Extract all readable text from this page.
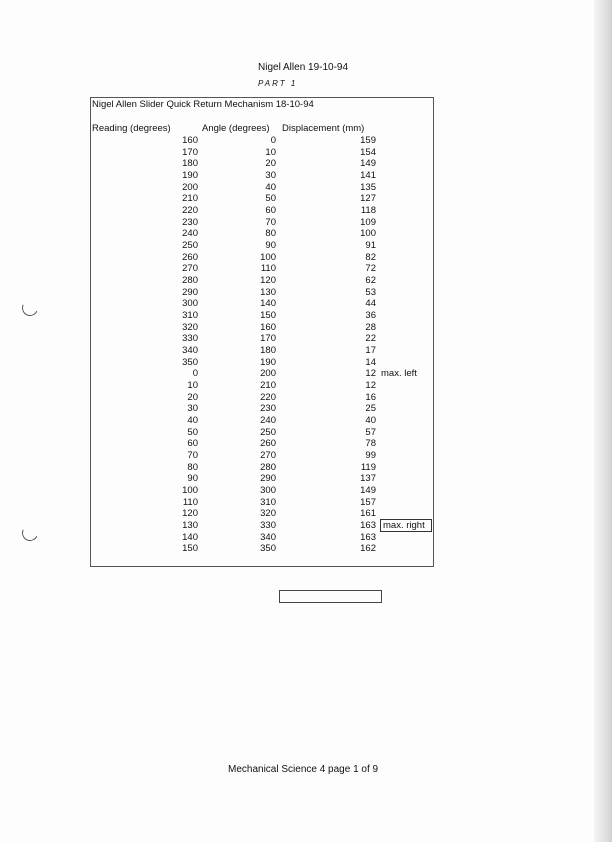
Nigel Allen 19-10-94
PART 1
Nigel Allen Slider Quick Return Mechanism 18-10-94
Reading (degrees)	Angle (degrees) Displacement (mm)
160	0	159
170	10	154
180	20	149
190	30	141
200	40	135
210	50	127
220	60	118
230	70	109
240	80	100
250	90	91
260	100	82
270	110	72
280	120	62
290	130	53
300	140	44
310	150	36
320	160	28
330	170	22
340	180	17
350	190	14
0	200	12 max. left
10	210	12
20	220	16
30	230	25
40	240	40
50	250	57
60	260	78
70	270	99
80	280	119
90	290	137
100	300	149
110	310	157
120	320	161
130	330	163 max. right
140	340	163
150	350	162
Mechanical Science 4 page 1 of 9
